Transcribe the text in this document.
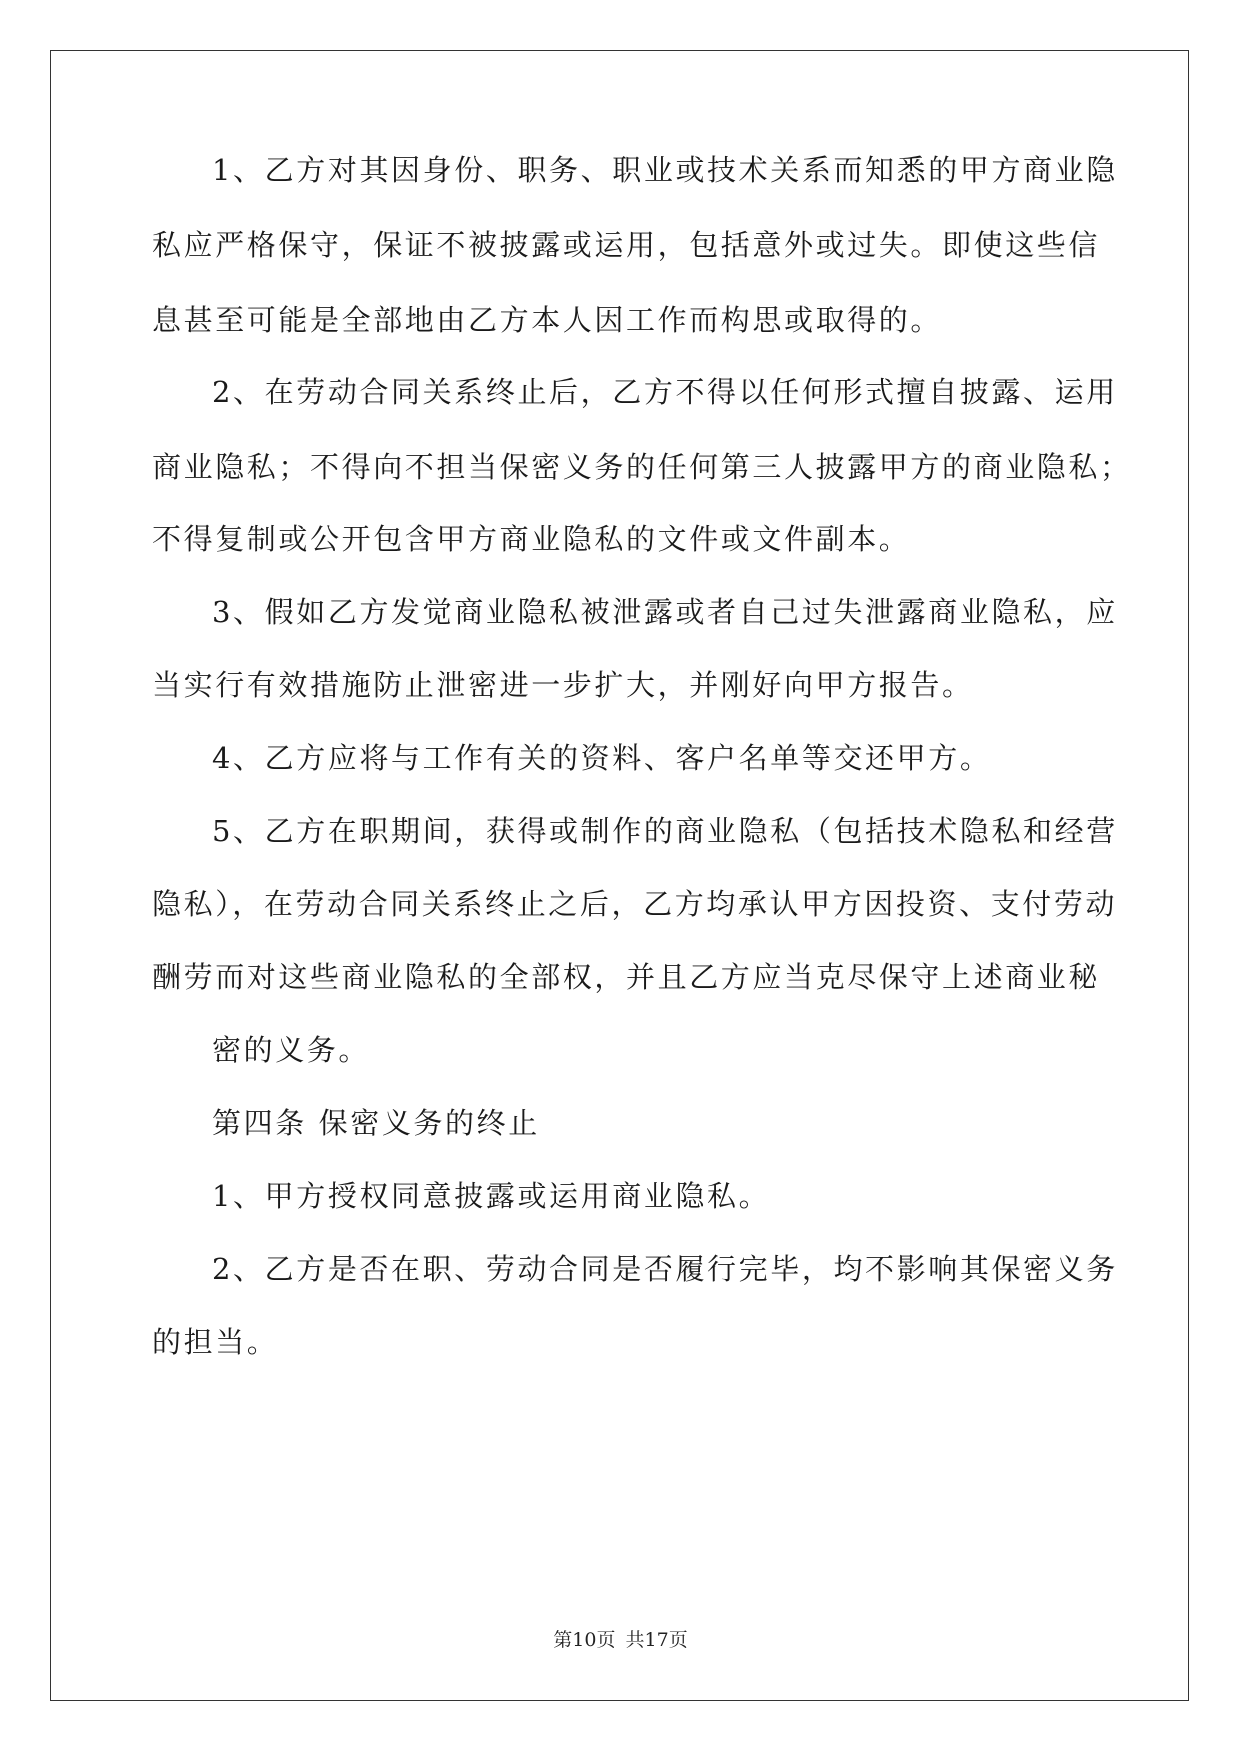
1、乙方对其因身份、职务、职业或技术关系而知悉的甲方商业隐
私应严格保守，保证不被披露或运用，包括意外或过失。即使这些信
息甚至可能是全部地由乙方本人因工作而构思或取得的。
2、在劳动合同关系终止后，乙方不得以任何形式擅自披露、运用
商业隐私；不得向不担当保密义务的任何第三人披露甲方的商业隐私；
不得复制或公开包含甲方商业隐私的文件或文件副本。
3、假如乙方发觉商业隐私被泄露或者自己过失泄露商业隐私，应
当实行有效措施防止泄密进一步扩大，并刚好向甲方报告。
4、乙方应将与工作有关的资料、客户名单等交还甲方。
5、乙方在职期间，获得或制作的商业隐私（包括技术隐私和经营
隐私），在劳动合同关系终止之后，乙方均承认甲方因投资、支付劳动
酬劳而对这些商业隐私的全部权，并且乙方应当克尽保守上述商业秘
密的义务。
第四条 保密义务的终止
1、甲方授权同意披露或运用商业隐私。
2、乙方是否在职、劳动合同是否履行完毕，均不影响其保密义务
的担当。
第10页 共17页
